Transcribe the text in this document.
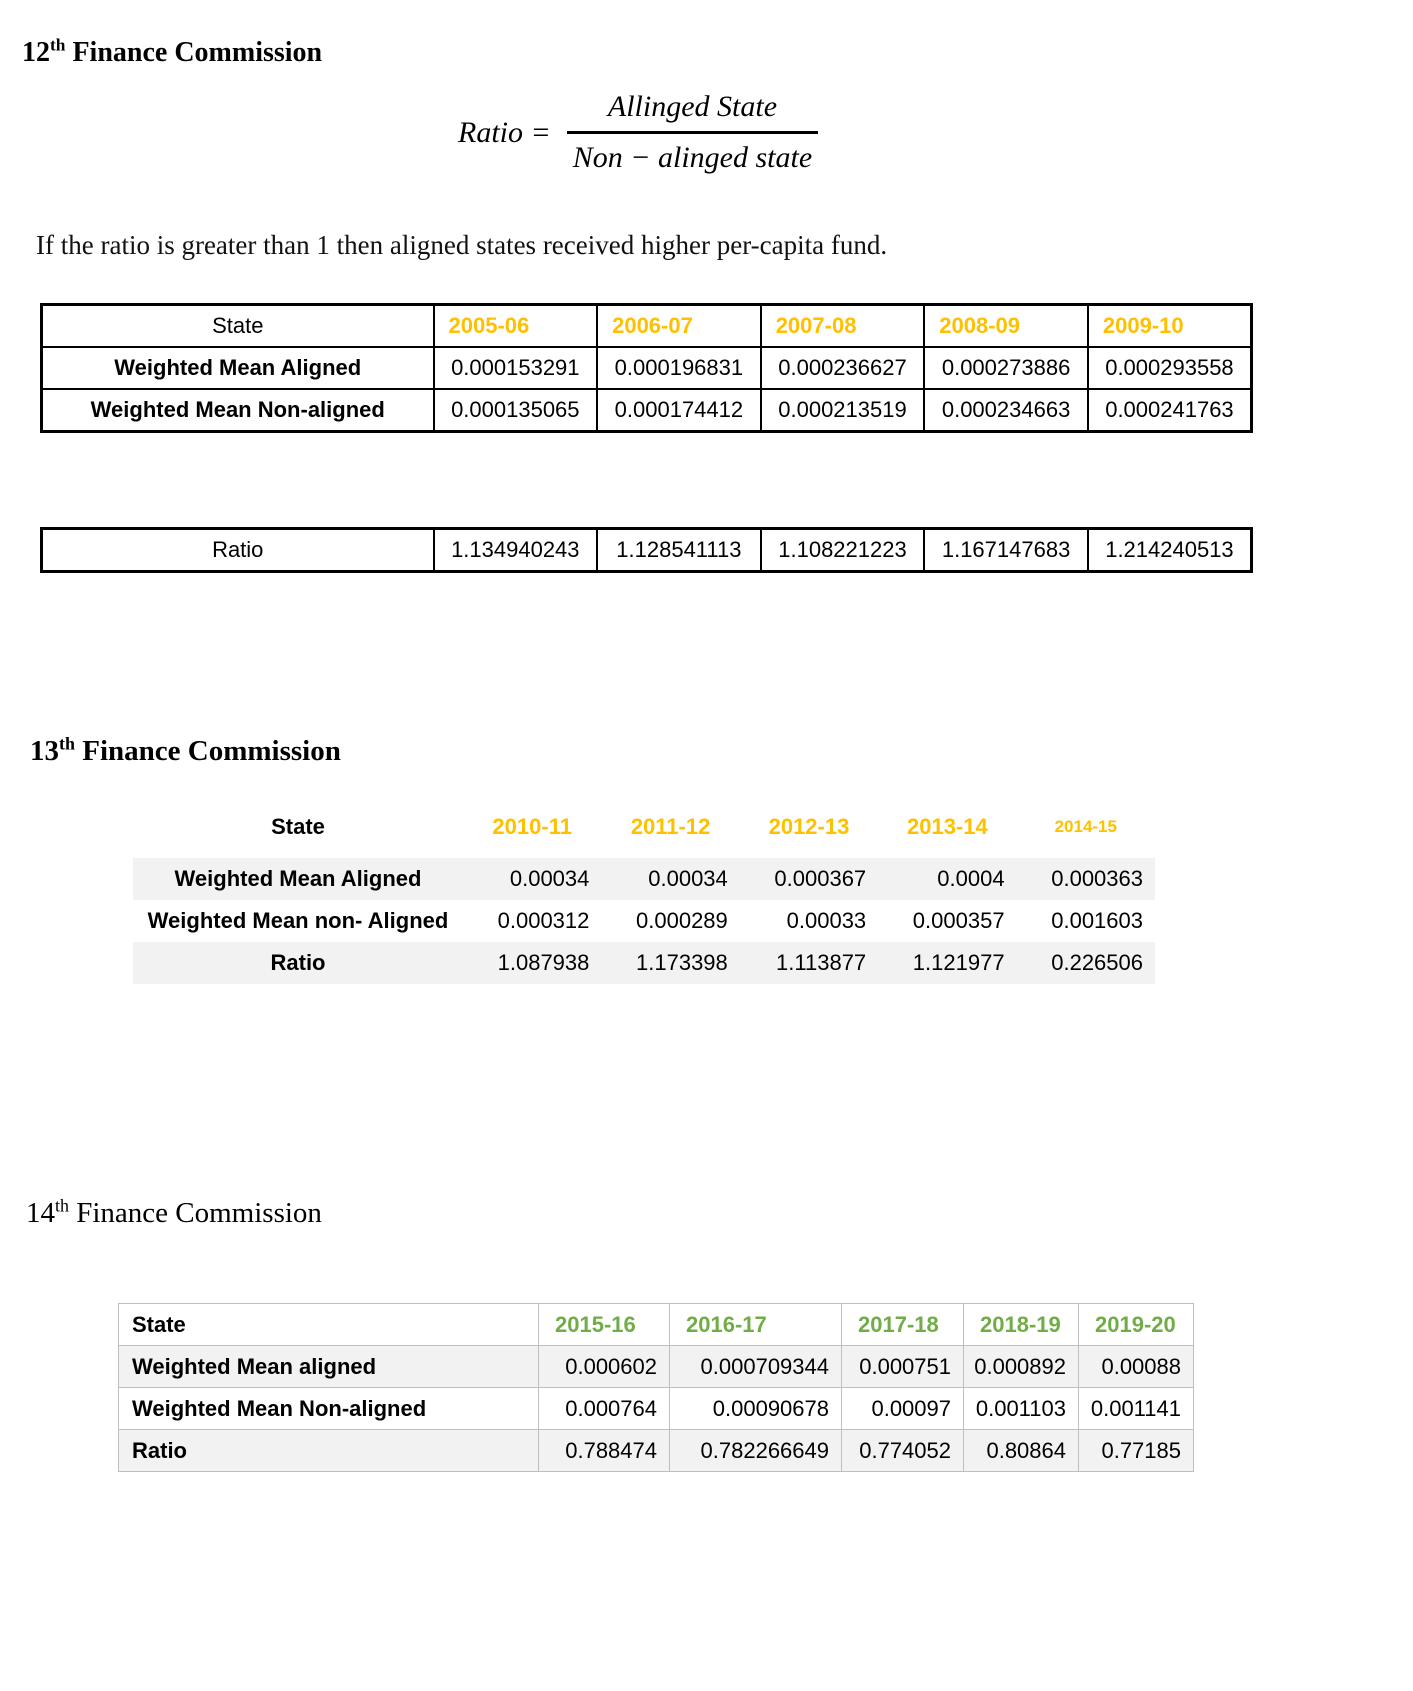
12th Finance Commission
Ratio = $\frac{\text{Allinged State}}{\text{Non − alinged state}}$

If the ratio is greater than 1 then aligned states received higher per-capita fund.

State	2005-06	2006-07	2007-08	2008-09	2009-10
Weighted Mean Aligned	0.000153291	0.000196831	0.000236627	0.000273886	0.000293558
Weighted Mean Non-aligned	0.000135065	0.000174412	0.000213519	0.000234663	0.000241763
Ratio	1.134940243	1.128541113	1.108221223	1.167147683	1.214240513
13th Finance Commission
State	2010-11	2011-12	2012-13	2013-14	2014-15

Weighted Mean Aligned	0.00034	0.00034	0.000367	0.0004	0.000363
Weighted Mean non- Aligned	0.000312	0.000289	0.00033	0.000357	0.001603
Ratio	1.087938	1.173398	1.113877	1.121977	0.226506
14th Finance Commission
State	2015-16	2016-17	2017-18	2018-19	2019-20
Weighted Mean aligned	0.000602	0.000709344	0.000751	0.000892	0.00088
Weighted Mean Non-aligned	0.000764	0.00090678	0.00097	0.001103	0.001141
Ratio	0.788474	0.782266649	0.774052	0.80864	0.77185
